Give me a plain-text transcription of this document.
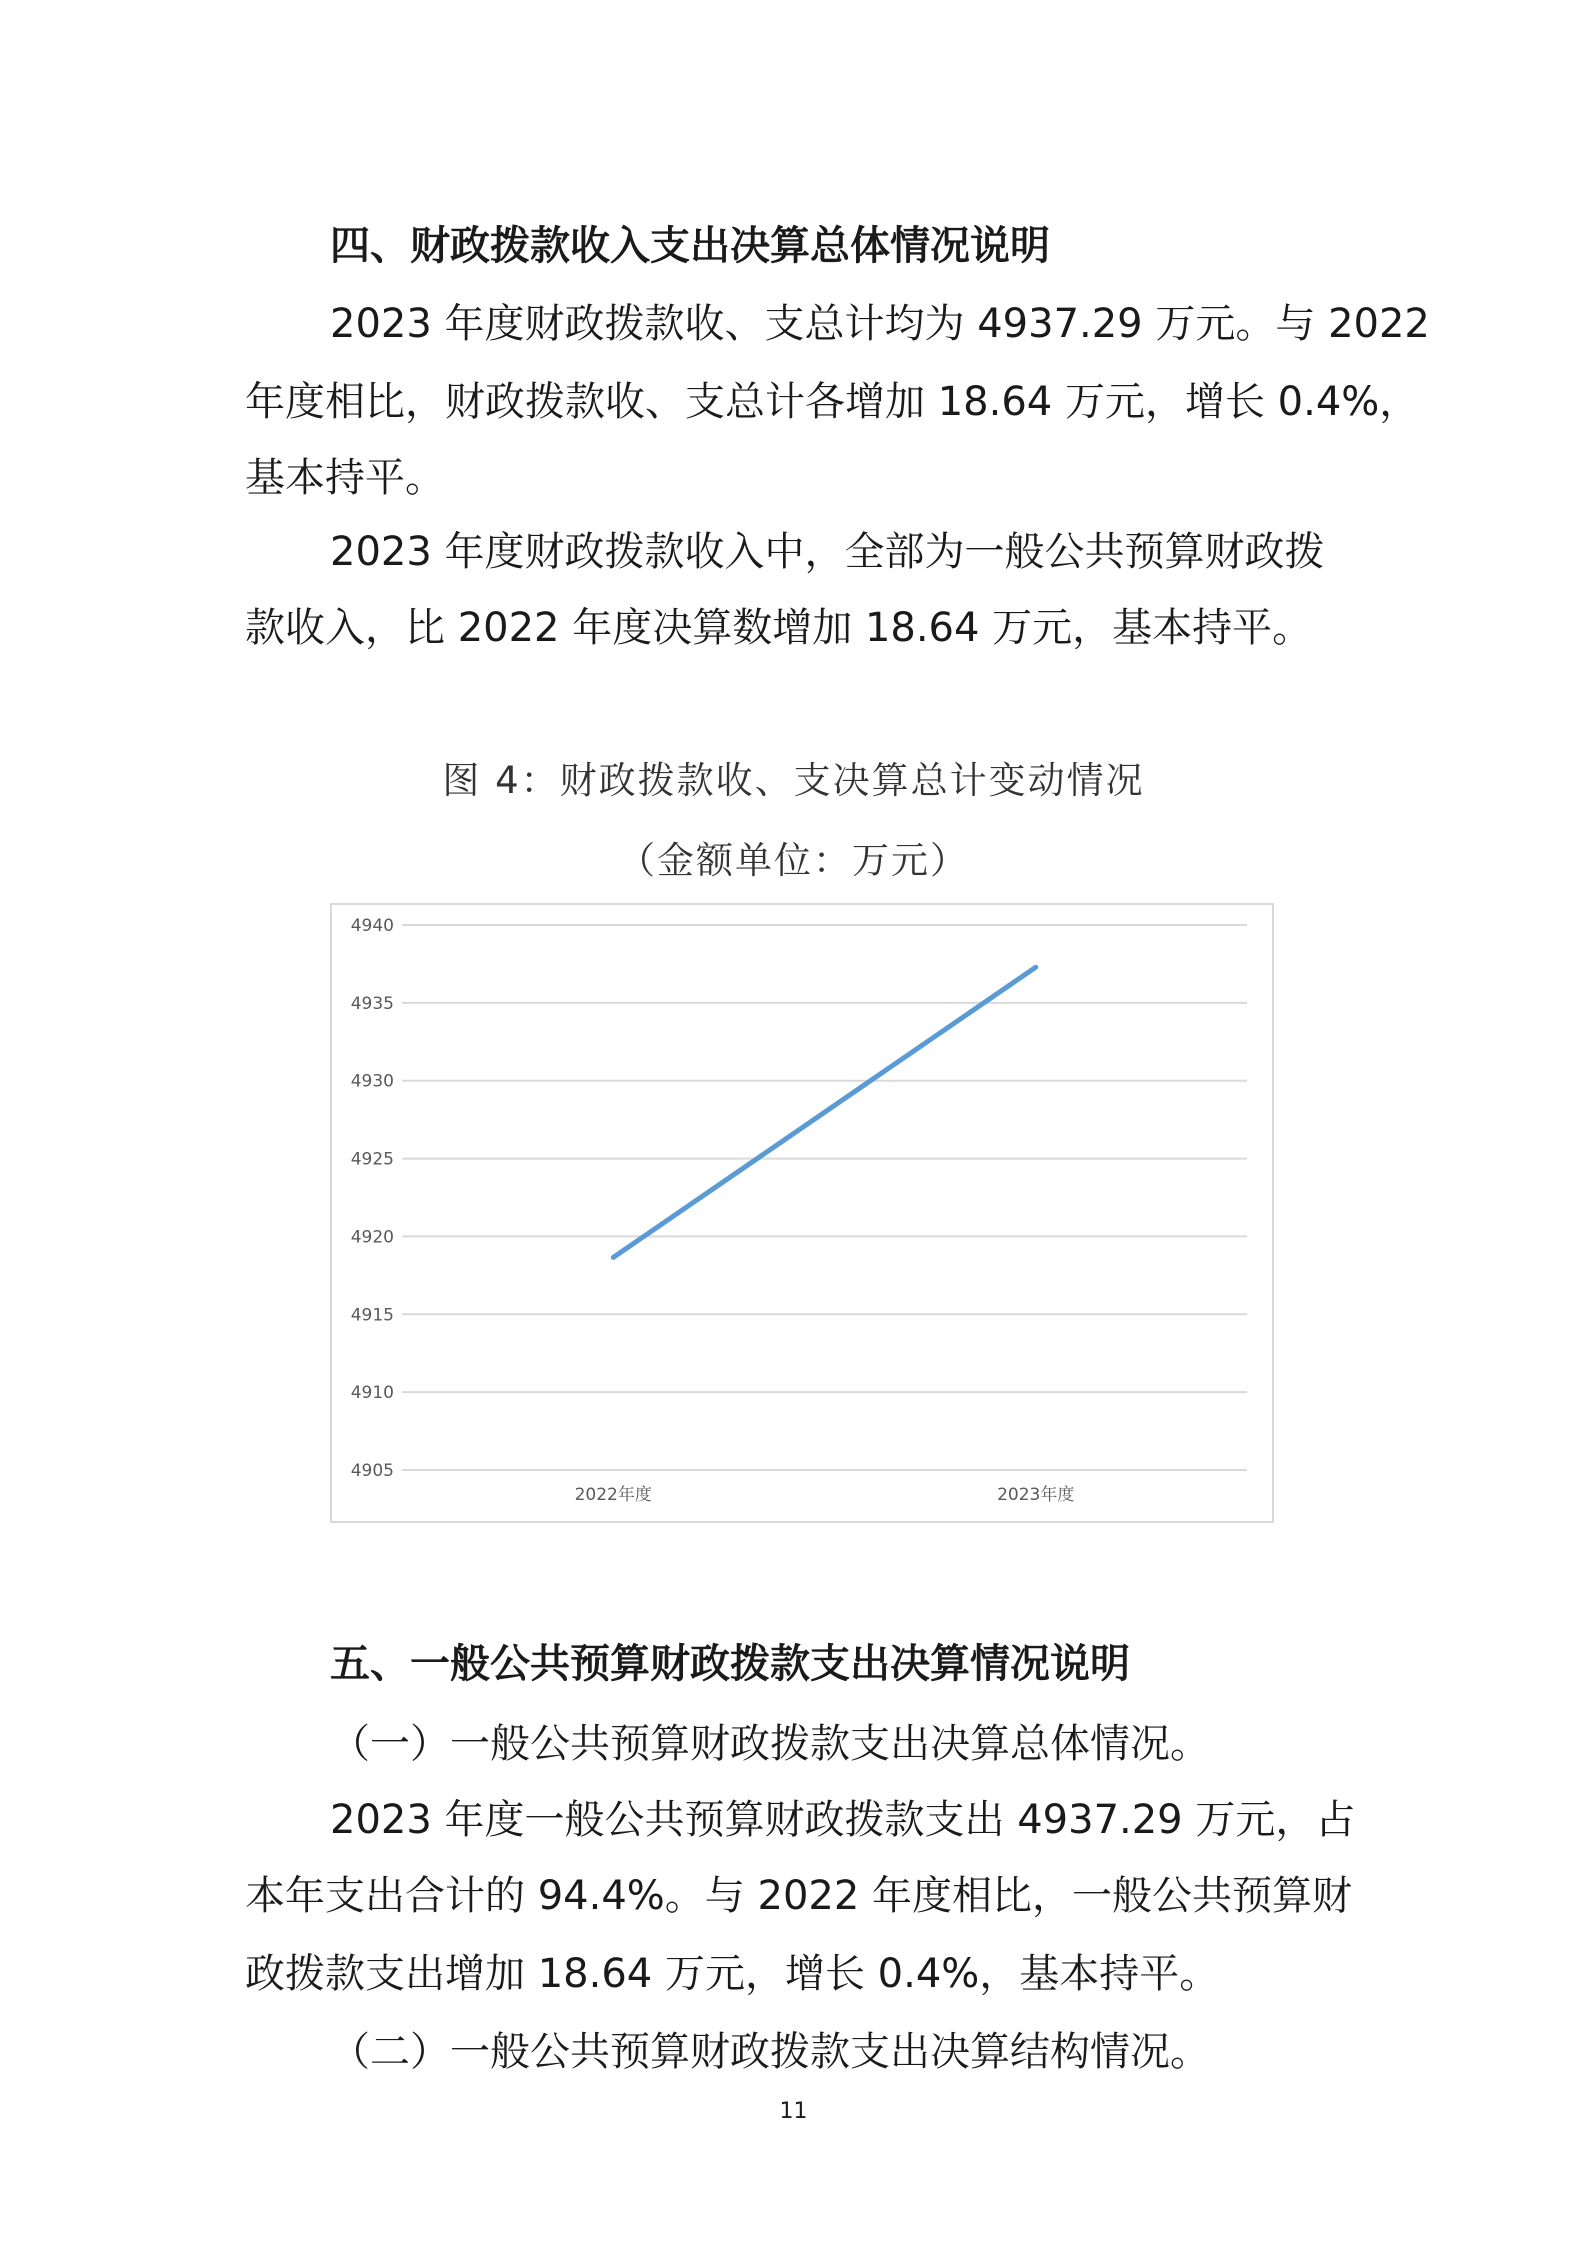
四、财政拨款收入支出决算总体情况说明

2023 年度财政拨款收、支总计均为 4937.29 万元。与 2022

年度相比，财政拨款收、支总计各增加 18.64 万元，增长 0.4%，

基本持平。

2023 年度财政拨款收入中，全部为一般公共预算财政拨

款收入，比 2022 年度决算数增加 18.64 万元，基本持平。

图 4：财政拨款收、支决算总计变动情况

（金额单位：万元）

4905
4910
4915
4920
4925
4930
4935
4940
2022年度	2023年度
五、一般公共预算财政拨款支出决算情况说明

（一）一般公共预算财政拨款支出决算总体情况。

2023 年度一般公共预算财政拨款支出 4937.29 万元，占

本年支出合计的 94.4%。与 2022 年度相比，一般公共预算财

政拨款支出增加 18.64 万元，增长 0.4%，基本持平。

（二）一般公共预算财政拨款支出决算结构情况。

11
